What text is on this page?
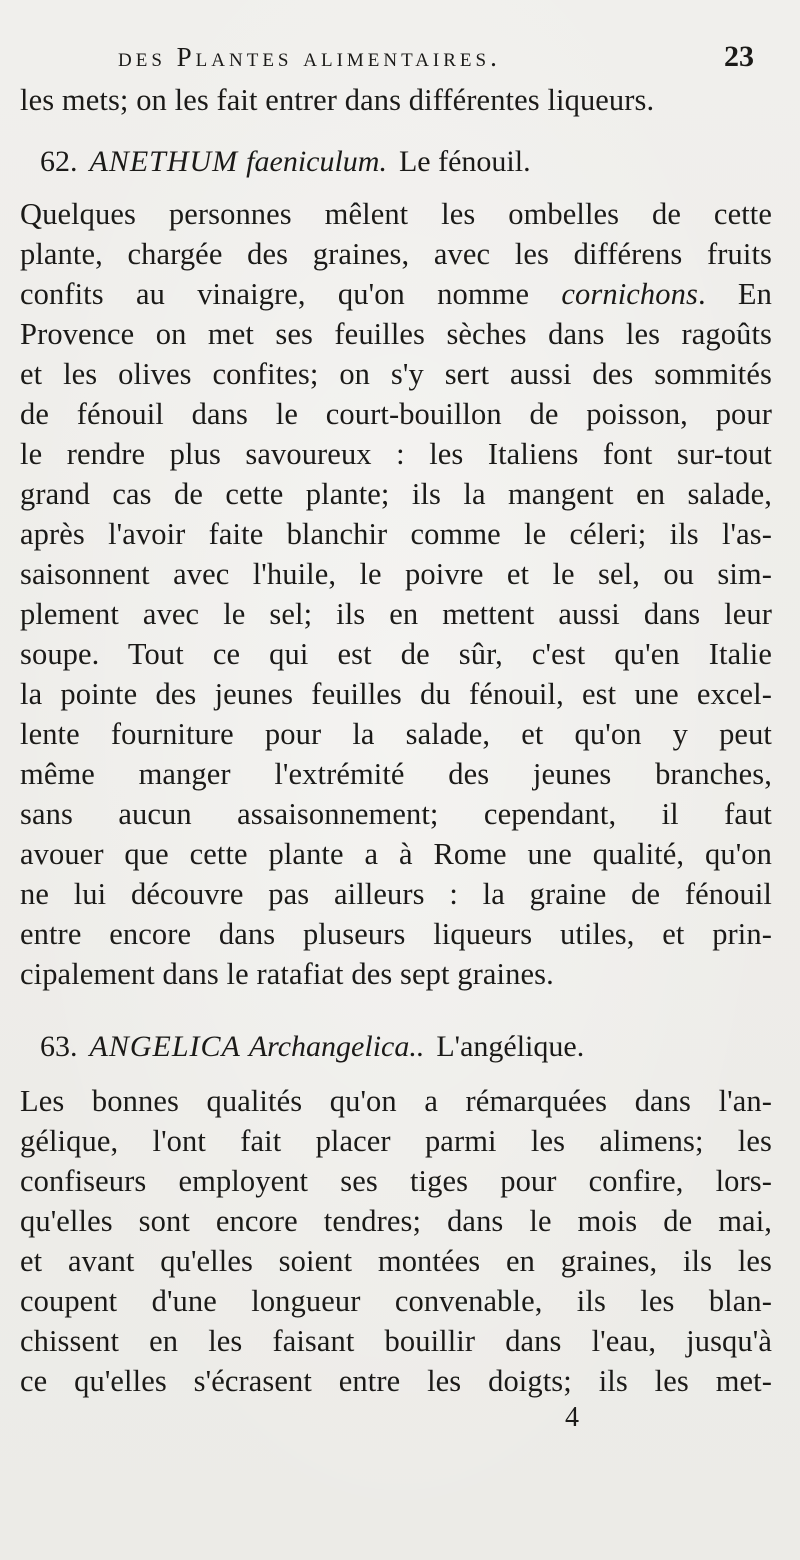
des Plantes alimentaires.	23
les mets; on les fait entrer dans différentes liqueurs.
62. ANETHUM faeniculum. Le fénouil.
Quelques personnes mêlent les ombelles de cette
plante, chargée des graines, avec les différens fruits
confits au vinaigre, qu'on nomme cornichons. En
Provence on met ses feuilles sèches dans les ragoûts
et les olives confites; on s'y sert aussi des sommités
de fénouil dans le court-bouillon de poisson, pour
le rendre plus savoureux : les Italiens font sur-tout
grand cas de cette plante; ils la mangent en salade,
après l'avoir faite blanchir comme le céleri; ils l'as-
saisonnent avec l'huile, le poivre et le sel, ou sim-
plement avec le sel; ils en mettent aussi dans leur
soupe. Tout ce qui est de sûr, c'est qu'en Italie
la pointe des jeunes feuilles du fénouil, est une excel-
lente fourniture pour la salade, et qu'on y peut
même manger l'extrémité des jeunes branches,
sans aucun assaisonnement; cependant, il faut
avouer que cette plante a à Rome une qualité, qu'on
ne lui découvre pas ailleurs : la graine de fénouil
entre encore dans pluseurs liqueurs utiles, et prin-
cipalement dans le ratafiat des sept graines.
63. ANGELICA Archangelica.. L'angélique.
Les bonnes qualités qu'on a rémarquées dans l'an-
gélique, l'ont fait placer parmi les alimens; les
confiseurs employent ses tiges pour confire, lors-
qu'elles sont encore tendres; dans le mois de mai,
et avant qu'elles soient montées en graines, ils les
coupent d'une longueur convenable, ils les blan-
chissent en les faisant bouillir dans l'eau, jusqu'à
ce qu'elles s'écrasent entre les doigts; ils les met-
4
